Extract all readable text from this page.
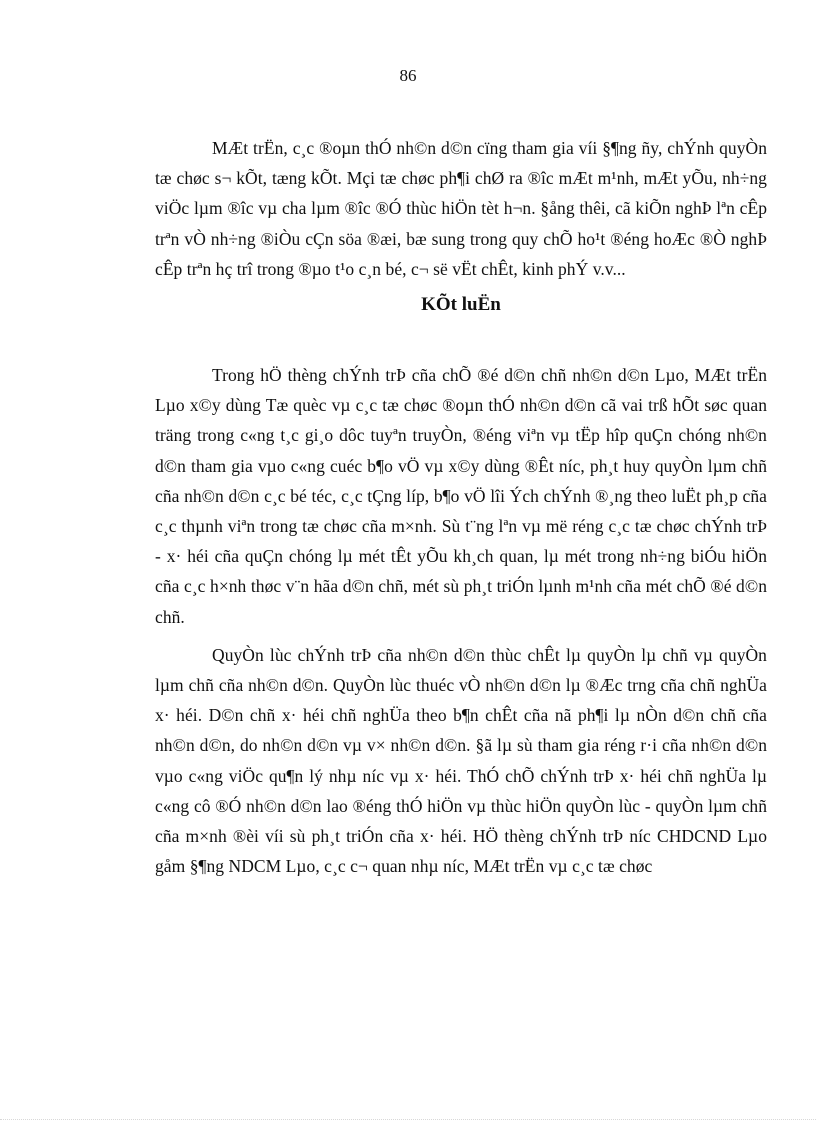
86

MÆt trËn, c¸c ®oµn thÓ nh©n d©n cïng tham gia víi §¶ng ñy, chÝnh quyÒn tæ chøc s¬ kÕt, tæng kÕt. Mçi tæ chøc ph¶i chØ ra ®îc mÆt m¹nh, mÆt yÕu, nh÷ng viÖc lµm ®îc vµ cha lµm ®îc ®Ó thùc hiÖn tèt h¬n. §ång thêi, cã kiÕn nghÞ lªn cÊp trªn vÒ nh÷ng ®iÒu cÇn söa ®æi, bæ sung trong quy chÕ ho¹t ®éng hoÆc ®Ò nghÞ cÊp trªn hç trî trong ®µo t¹o c¸n bé, c¬ së vËt chÊt, kinh phÝ v.v...

KÕt luËn

Trong hÖ thèng chÝnh trÞ cña chÕ ®é d©n chñ nh©n d©n Lµo, MÆt trËn Lµo x©y dùng Tæ quèc vµ c¸c tæ chøc ®oµn thÓ nh©n d©n cã vai trß hÕt søc quan träng trong c«ng t¸c gi¸o dôc tuyªn truyÒn, ®éng viªn vµ tËp hîp quÇn chóng nh©n d©n tham gia vµo c«ng cuéc b¶o vÖ vµ x©y dùng ®Êt níc, ph¸t huy quyÒn lµm chñ cña nh©n d©n c¸c bé téc, c¸c tÇng líp, b¶o vÖ lîi Ých chÝnh ®¸ng theo luËt ph¸p cña c¸c thµnh viªn trong tæ chøc cña m×nh. Sù t¨ng lªn vµ më réng c¸c tæ chøc chÝnh trÞ - x· héi cña quÇn chóng lµ mét tÊt yÕu kh¸ch quan, lµ mét trong nh÷ng biÓu hiÖn cña c¸c h×nh thøc v¨n hãa d©n chñ, mét sù ph¸t triÓn lµnh m¹nh cña mét chÕ ®é d©n chñ.

QuyÒn lùc chÝnh trÞ cña nh©n d©n thùc chÊt lµ quyÒn lµ chñ vµ quyÒn lµm chñ cña nh©n d©n. QuyÒn lùc thuéc vÒ nh©n d©n lµ ®Æc trng cña chñ nghÜa x· héi. D©n chñ x· héi chñ nghÜa theo b¶n chÊt cña nã ph¶i lµ nÒn d©n chñ cña nh©n d©n, do nh©n d©n vµ v× nh©n d©n. §ã lµ sù tham gia réng r·i cña nh©n d©n vµo c«ng viÖc qu¶n lý nhµ níc vµ x· héi. ThÓ chÕ chÝnh trÞ x· héi chñ nghÜa lµ c«ng cô ®Ó nh©n d©n lao ®éng thÓ hiÖn vµ thùc hiÖn quyÒn lùc - quyÒn lµm chñ cña m×nh ®èi víi sù ph¸t triÓn cña x· héi. HÖ thèng chÝnh trÞ níc CHDCND Lµo gåm §¶ng NDCM Lµo, c¸c c¬ quan nhµ níc, MÆt trËn vµ c¸c tæ chøc
